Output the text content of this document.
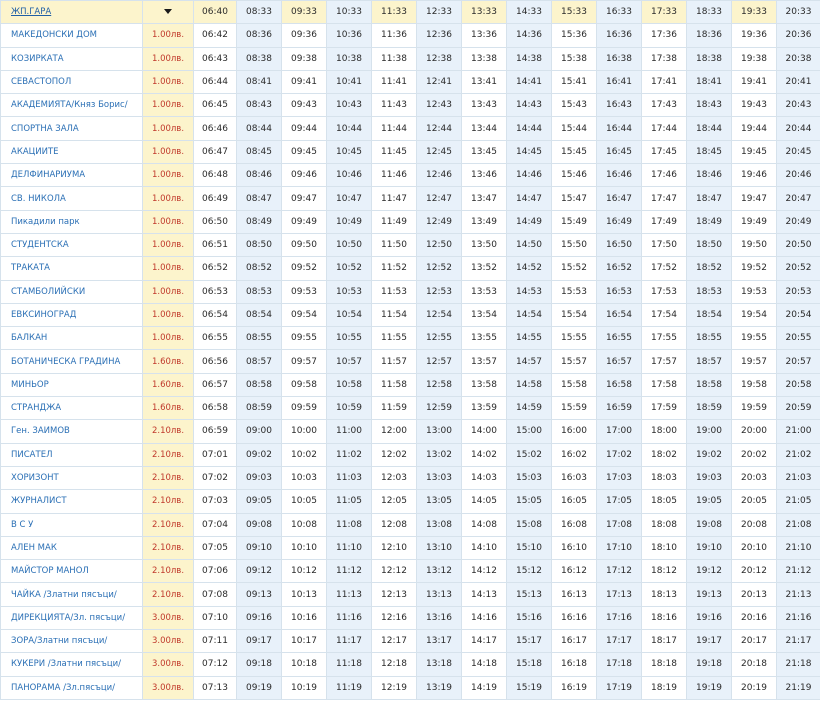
ЖП.ГАРА		06:40	08:33	09:33	10:33	11:33	12:33	13:33	14:33	15:33	16:33	17:33	18:33	19:33	20:33
МАКЕДОНСКИ ДОМ	1.00лв.	06:42	08:36	09:36	10:36	11:36	12:36	13:36	14:36	15:36	16:36	17:36	18:36	19:36	20:36
КОЗИРКАТА	1.00лв.	06:43	08:38	09:38	10:38	11:38	12:38	13:38	14:38	15:38	16:38	17:38	18:38	19:38	20:38
СЕВАСТОПОЛ	1.00лв.	06:44	08:41	09:41	10:41	11:41	12:41	13:41	14:41	15:41	16:41	17:41	18:41	19:41	20:41
АКАДЕМИЯТА/Княз Борис/	1.00лв.	06:45	08:43	09:43	10:43	11:43	12:43	13:43	14:43	15:43	16:43	17:43	18:43	19:43	20:43
СПОРТНА ЗАЛА	1.00лв.	06:46	08:44	09:44	10:44	11:44	12:44	13:44	14:44	15:44	16:44	17:44	18:44	19:44	20:44
АКАЦИИТЕ	1.00лв.	06:47	08:45	09:45	10:45	11:45	12:45	13:45	14:45	15:45	16:45	17:45	18:45	19:45	20:45
ДЕЛФИНАРИУМА	1.00лв.	06:48	08:46	09:46	10:46	11:46	12:46	13:46	14:46	15:46	16:46	17:46	18:46	19:46	20:46
СВ. НИКОЛА	1.00лв.	06:49	08:47	09:47	10:47	11:47	12:47	13:47	14:47	15:47	16:47	17:47	18:47	19:47	20:47
Пикадили парк	1.00лв.	06:50	08:49	09:49	10:49	11:49	12:49	13:49	14:49	15:49	16:49	17:49	18:49	19:49	20:49
СТУДЕНТСКА	1.00лв.	06:51	08:50	09:50	10:50	11:50	12:50	13:50	14:50	15:50	16:50	17:50	18:50	19:50	20:50
ТРАКАТА	1.00лв.	06:52	08:52	09:52	10:52	11:52	12:52	13:52	14:52	15:52	16:52	17:52	18:52	19:52	20:52
СТАМБОЛИЙСКИ	1.00лв.	06:53	08:53	09:53	10:53	11:53	12:53	13:53	14:53	15:53	16:53	17:53	18:53	19:53	20:53
ЕВКСИНОГРАД	1.00лв.	06:54	08:54	09:54	10:54	11:54	12:54	13:54	14:54	15:54	16:54	17:54	18:54	19:54	20:54
БАЛКАН	1.00лв.	06:55	08:55	09:55	10:55	11:55	12:55	13:55	14:55	15:55	16:55	17:55	18:55	19:55	20:55
БОТАНИЧЕСКА ГРАДИНА	1.60лв.	06:56	08:57	09:57	10:57	11:57	12:57	13:57	14:57	15:57	16:57	17:57	18:57	19:57	20:57
МИНЬОР	1.60лв.	06:57	08:58	09:58	10:58	11:58	12:58	13:58	14:58	15:58	16:58	17:58	18:58	19:58	20:58
СТРАНДЖА	1.60лв.	06:58	08:59	09:59	10:59	11:59	12:59	13:59	14:59	15:59	16:59	17:59	18:59	19:59	20:59
Ген. ЗАИМОВ	2.10лв.	06:59	09:00	10:00	11:00	12:00	13:00	14:00	15:00	16:00	17:00	18:00	19:00	20:00	21:00
ПИСАТЕЛ	2.10лв.	07:01	09:02	10:02	11:02	12:02	13:02	14:02	15:02	16:02	17:02	18:02	19:02	20:02	21:02
ХОРИЗОНТ	2.10лв.	07:02	09:03	10:03	11:03	12:03	13:03	14:03	15:03	16:03	17:03	18:03	19:03	20:03	21:03
ЖУРНАЛИСТ	2.10лв.	07:03	09:05	10:05	11:05	12:05	13:05	14:05	15:05	16:05	17:05	18:05	19:05	20:05	21:05
В С У	2.10лв.	07:04	09:08	10:08	11:08	12:08	13:08	14:08	15:08	16:08	17:08	18:08	19:08	20:08	21:08
АЛЕН МАК	2.10лв.	07:05	09:10	10:10	11:10	12:10	13:10	14:10	15:10	16:10	17:10	18:10	19:10	20:10	21:10
МАЙСТОР МАНОЛ	2.10лв.	07:06	09:12	10:12	11:12	12:12	13:12	14:12	15:12	16:12	17:12	18:12	19:12	20:12	21:12
ЧАЙКА /Златни пясъци/	2.10лв.	07:08	09:13	10:13	11:13	12:13	13:13	14:13	15:13	16:13	17:13	18:13	19:13	20:13	21:13
ДИРЕКЦИЯТА/Зл. пясъци/	3.00лв.	07:10	09:16	10:16	11:16	12:16	13:16	14:16	15:16	16:16	17:16	18:16	19:16	20:16	21:16
ЗОРА/Златни пясъци/	3.00лв.	07:11	09:17	10:17	11:17	12:17	13:17	14:17	15:17	16:17	17:17	18:17	19:17	20:17	21:17
КУКЕРИ /Златни пясъци/	3.00лв.	07:12	09:18	10:18	11:18	12:18	13:18	14:18	15:18	16:18	17:18	18:18	19:18	20:18	21:18
ПАНОРАМА /Зл.пясъци/	3.00лв.	07:13	09:19	10:19	11:19	12:19	13:19	14:19	15:19	16:19	17:19	18:19	19:19	20:19	21:19
